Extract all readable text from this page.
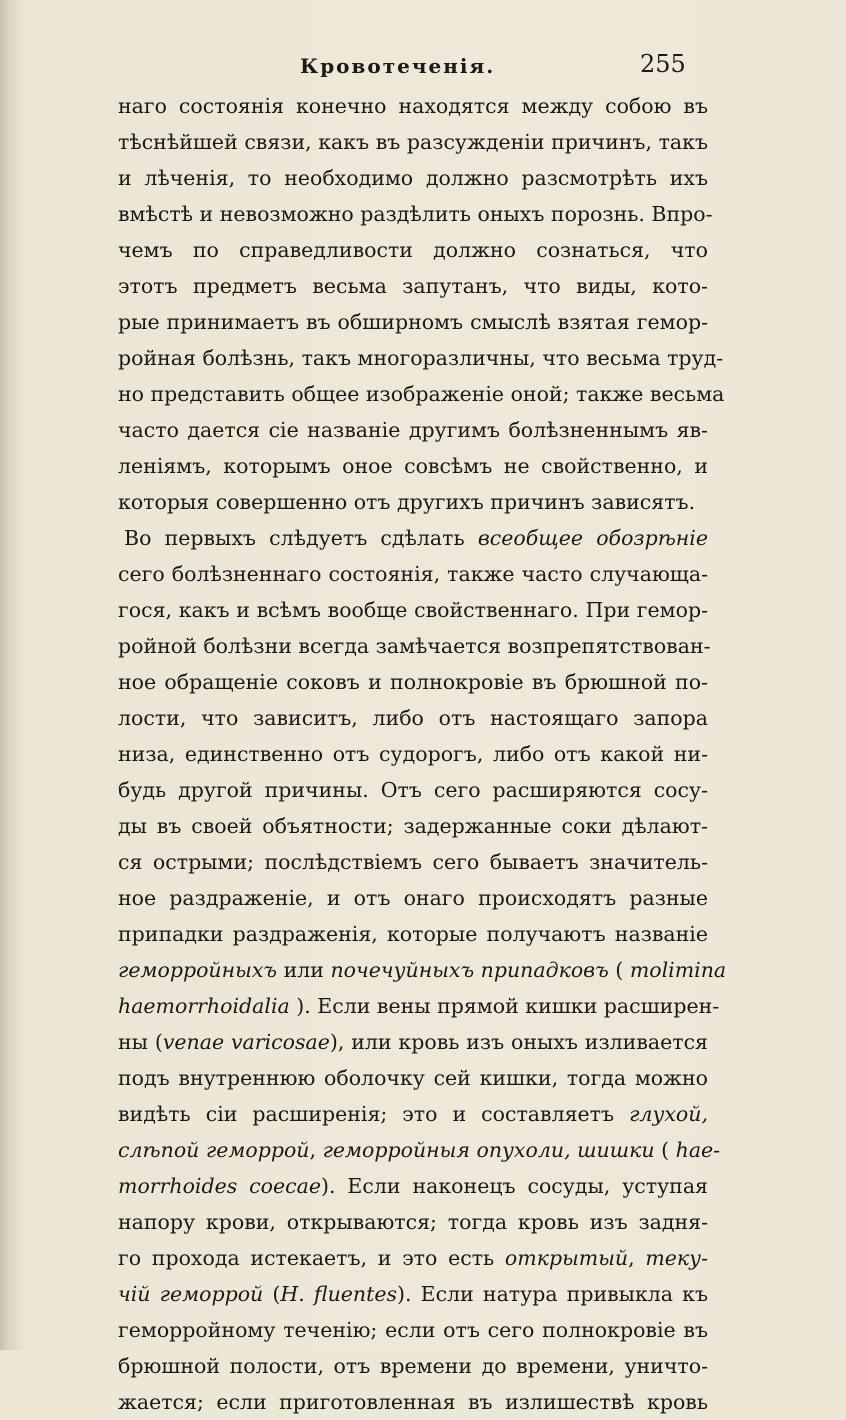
Кровотеченія.	255
наго состоянія конечно находятся между собою въ
тѣснѣйшей связи, какъ въ разсужденіи причинъ, такъ
и лѣченія, то необходимо должно разсмотрѣть ихъ
вмѣстѣ и невозможно раздѣлить оныхъ порознь. Впро-
чемъ по справедливости должно сознаться, что
этотъ предметъ весьма запутанъ, что виды, кото-
рые принимаетъ въ обширномъ смыслѣ взятая гемор-
ройная болѣзнь, такъ многоразличны, что весьма труд-
но представить общее изображеніе оной; также весьма
часто дается сіе названіе другимъ болѣзненнымъ яв-
леніямъ, которымъ оное совсѣмъ не свойственно, и
которыя совершенно отъ другихъ причинъ зависятъ.
Во первыхъ слѣдуетъ сдѣлать всеобщее обозрѣніе
сего болѣзненнаго состоянія, также часто случающа-
гося, какъ и вcѣмъ вообще свойственнаго. При гемор-
ройной болѣзни всегда замѣчается возпрепятствован-
ное обращеніе соковъ и полнокровіе въ брюшной по-
лости, что зависитъ, либо отъ настоящаго запора
низа, единственно отъ судорогъ, либо отъ какой ни-
будь другой причины. Отъ сего расширяются сосу-
ды въ своей объятности; задержанные соки дѣлают-
ся острыми; послѣдствіемъ сего бываетъ значитель-
ное раздраженіе, и отъ онаго происходятъ разные
припадки раздраженія, которые получаютъ названіе
геморройныхъ или почечуйныхъ припадковъ ( molimina
haemorrhoidalia ). Если вены прямой кишки расширен-
ны (venae varicosae), или кровь изъ оныхъ изливается
подъ внутреннюю оболочку сей кишки, тогда можно
видѣть сіи расширенія; это и составляетъ глухой,
слѣпой геморрой, геморройныя опухоли, шишки ( hae-
morrhoides coecae). Если наконецъ сосуды, уступая
напору крови, открываются; тогда кровь изъ задня-
го прохода истекаетъ, и это есть открытый, теку-
чій геморрой (H. fluentes). Если натура привыкла къ
геморройному теченію; если отъ сего полнокровіе въ
брюшной полости, отъ времени до времени, уничто-
жается; если приготовленная въ излишествѣ кровь
